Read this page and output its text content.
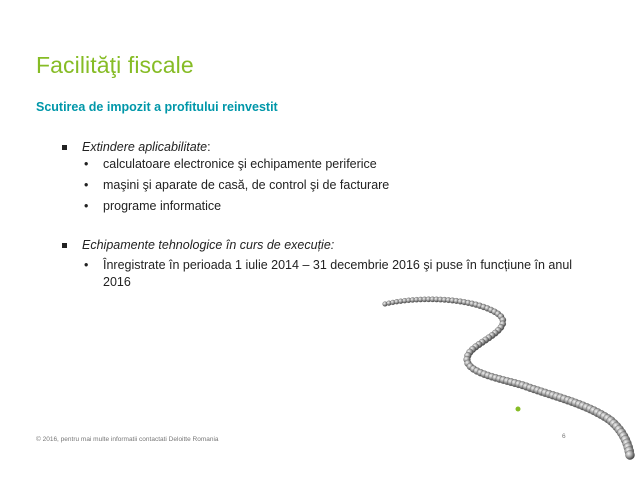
Facilităţi fiscale
Scutirea de impozit a profitului reinvestit
Extindere aplicabilitate:
• calculatoare electronice şi echipamente periferice
• maşini şi aparate de casă, de control şi de facturare
• programe informatice
Echipamente tehnologice în curs de execuție:
• Înregistrate în perioada 1 iulie 2014 – 31 decembrie 2016 şi puse în funcțiune în anul 2016
© 2016, pentru mai multe informatii contactati Deloitte Romania	6
